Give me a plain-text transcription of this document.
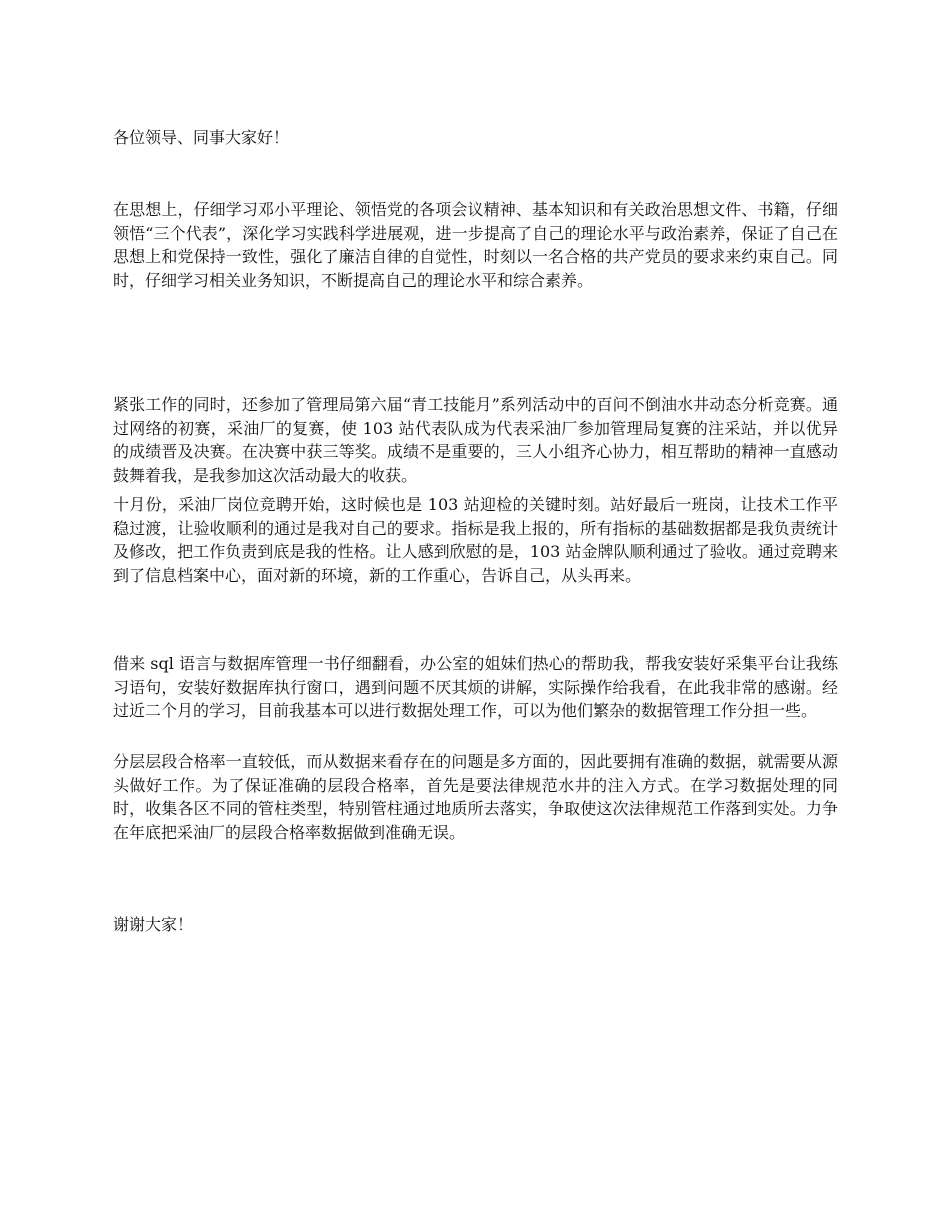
各位领导、同事大家好！

在思想上，仔细学习邓小平理论、领悟党的各项会议精神、基本知识和有关政治思想文件、书籍，仔细领悟“三个代表”，深化学习实践科学进展观，进一步提高了自己的理论水平与政治素养，保证了自己在思想上和党保持一致性，强化了廉洁自律的自觉性，时刻以一名合格的共产党员的要求来约束自己。同时，仔细学习相关业务知识，不断提高自己的理论水平和综合素养。

紧张工作的同时，还参加了管理局第六届“青工技能月”系列活动中的百问不倒油水井动态分析竞赛。通过网络的初赛，采油厂的复赛，使 103 站代表队成为代表采油厂参加管理局复赛的注采站，并以优异的成绩晋及决赛。在决赛中获三等奖。成绩不是重要的，三人小组齐心协力，相互帮助的精神一直感动鼓舞着我，是我参加这次活动最大的收获。

十月份，采油厂岗位竞聘开始，这时候也是 103 站迎检的关键时刻。站好最后一班岗，让技术工作平稳过渡，让验收顺利的通过是我对自己的要求。指标是我上报的，所有指标的基础数据都是我负责统计及修改，把工作负责到底是我的性格。让人感到欣慰的是，103 站金牌队顺利通过了验收。通过竞聘来到了信息档案中心，面对新的环境，新的工作重心，告诉自己，从头再来。

借来 sql 语言与数据库管理一书仔细翻看，办公室的姐妹们热心的帮助我，帮我安装好采集平台让我练习语句，安装好数据库执行窗口，遇到问题不厌其烦的讲解，实际操作给我看，在此我非常的感谢。经过近二个月的学习，目前我基本可以进行数据处理工作，可以为他们繁杂的数据管理工作分担一些。

分层层段合格率一直较低，而从数据来看存在的问题是多方面的，因此要拥有准确的数据，就需要从源头做好工作。为了保证准确的层段合格率，首先是要法律规范水井的注入方式。在学习数据处理的同时，收集各区不同的管柱类型，特别管柱通过地质所去落实，争取使这次法律规范工作落到实处。力争在年底把采油厂的层段合格率数据做到准确无误。

谢谢大家！
